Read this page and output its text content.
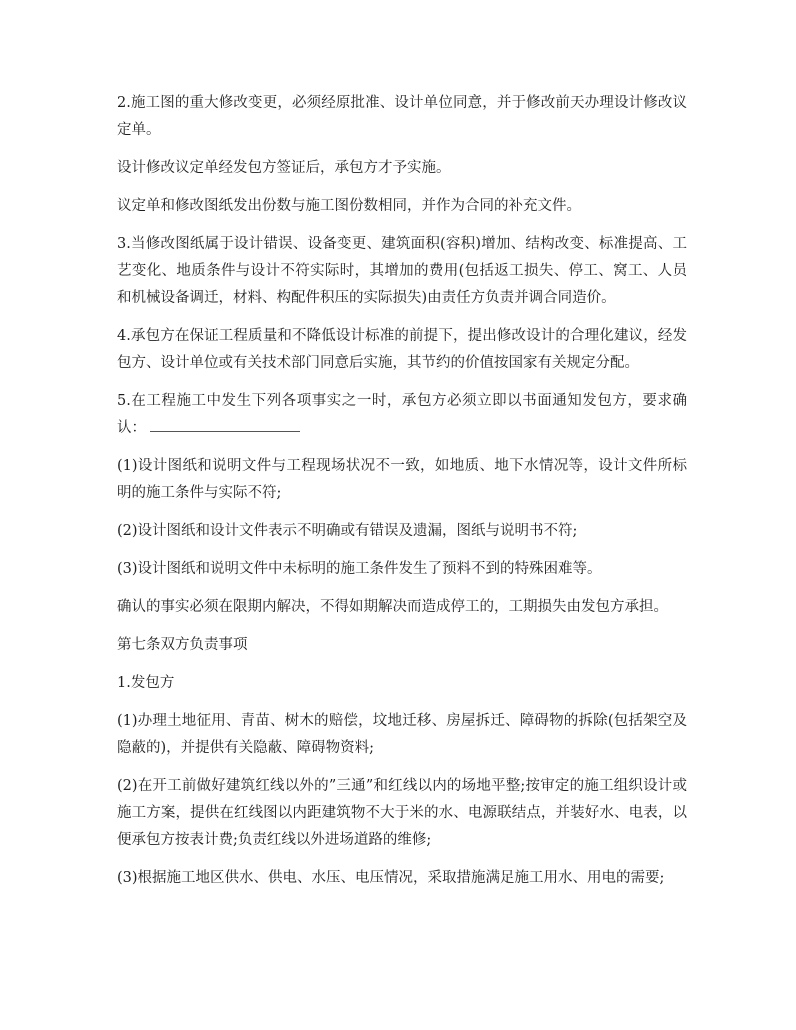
2.施工图的重大修改变更，必须经原批准、设计单位同意，并于修改前天办理设计修改议定单。

设计修改议定单经发包方签证后，承包方才予实施。

议定单和修改图纸发出份数与施工图份数相同，并作为合同的补充文件。

3.当修改图纸属于设计错误、设备变更、建筑面积(容积)增加、结构改变、标准提高、工艺变化、地质条件与设计不符实际时，其增加的费用(包括返工损失、停工、窝工、人员和机械设备调迁，材料、构配件积压的实际损失)由责任方负责并调合同造价。

4.承包方在保证工程质量和不降低设计标准的前提下，提出修改设计的合理化建议，经发包方、设计单位或有关技术部门同意后实施，其节约的价值按国家有关规定分配。

5.在工程施工中发生下列各项事实之一时，承包方必须立即以书面通知发包方，要求确认：

(1)设计图纸和说明文件与工程现场状况不一致，如地质、地下水情况等，设计文件所标明的施工条件与实际不符;

(2)设计图纸和设计文件表示不明确或有错误及遗漏，图纸与说明书不符;

(3)设计图纸和说明文件中未标明的施工条件发生了预料不到的特殊困难等。

确认的事实必须在限期内解决，不得如期解决而造成停工的，工期损失由发包方承担。

第七条双方负责事项

1.发包方

(1)办理土地征用、青苗、树木的赔偿，坟地迁移、房屋拆迁、障碍物的拆除(包括架空及隐蔽的)，并提供有关隐蔽、障碍物资料;

(2)在开工前做好建筑红线以外的”三通”和红线以内的场地平整;按审定的施工组织设计或施工方案，提供在红线图以内距建筑物不大于米的水、电源联结点，并装好水、电表，以便承包方按表计费;负责红线以外进场道路的维修;

(3)根据施工地区供水、供电、水压、电压情况，采取措施满足施工用水、用电的需要;
